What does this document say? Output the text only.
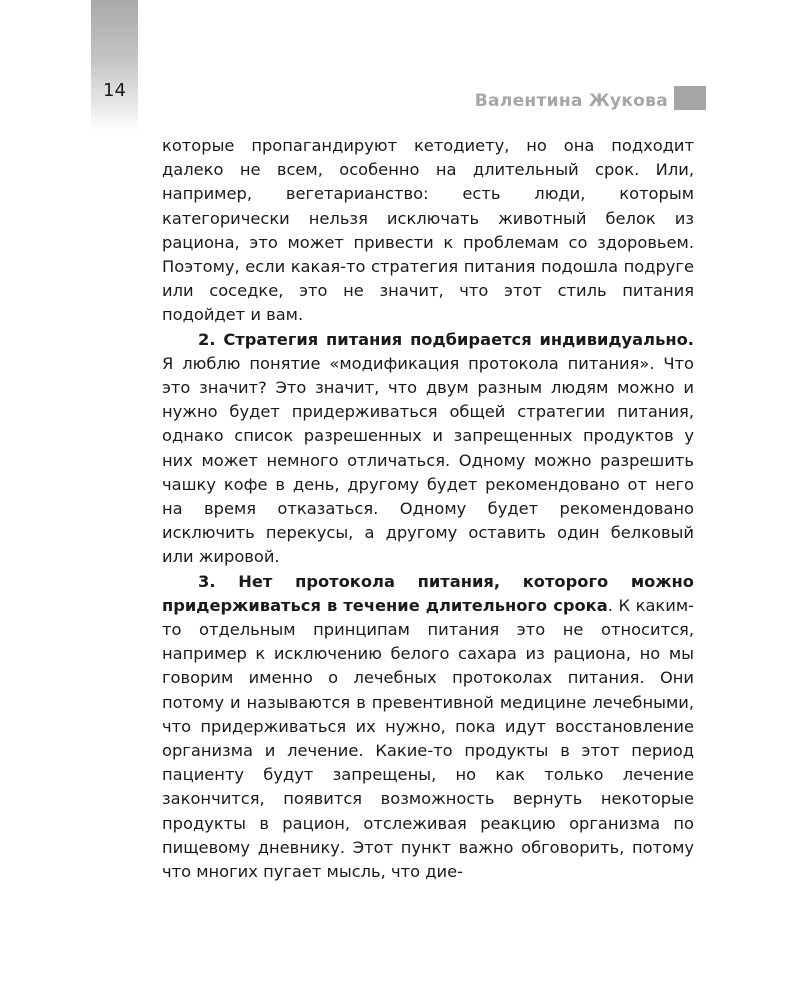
14	Валентина Жукова

которые пропагандируют кетодиету, но она подходит далеко не всем, особенно на длительный срок. Или, например, вегетарианство: есть люди, которым категорически нельзя исключать животный белок из рациона, это может привести к проблемам со здоровьем. Поэтому, если какая-то стратегия питания подошла подруге или соседке, это не значит, что этот стиль питания подойдет и вам.

2. Стратегия питания подбирается индивидуально. Я люблю понятие «модификация протокола питания». Что это значит? Это значит, что двум разным людям можно и нужно будет придерживаться общей стратегии питания, однако список разрешенных и запрещенных продуктов у них может немного отличаться. Одному можно разрешить чашку кофе в день, другому будет рекомендовано от него на время отказаться. Одному будет рекомендовано исключить перекусы, а другому оставить один белковый или жировой.

3. Нет протокола питания, которого можно придерживаться в течение длительного срока. К каким-то отдельным принципам питания это не относится, например к исключению белого сахара из рациона, но мы говорим именно о лечебных протоколах питания. Они потому и называются в превентивной медицине лечебными, что придерживаться их нужно, пока идут восстановление организма и лечение. Какие-то продукты в этот период пациенту будут запрещены, но как только лечение закончится, появится возможность вернуть некоторые продукты в рацион, отслеживая реакцию организма по пищевому дневнику. Этот пункт важно обговорить, потому что многих пугает мысль, что дие-
